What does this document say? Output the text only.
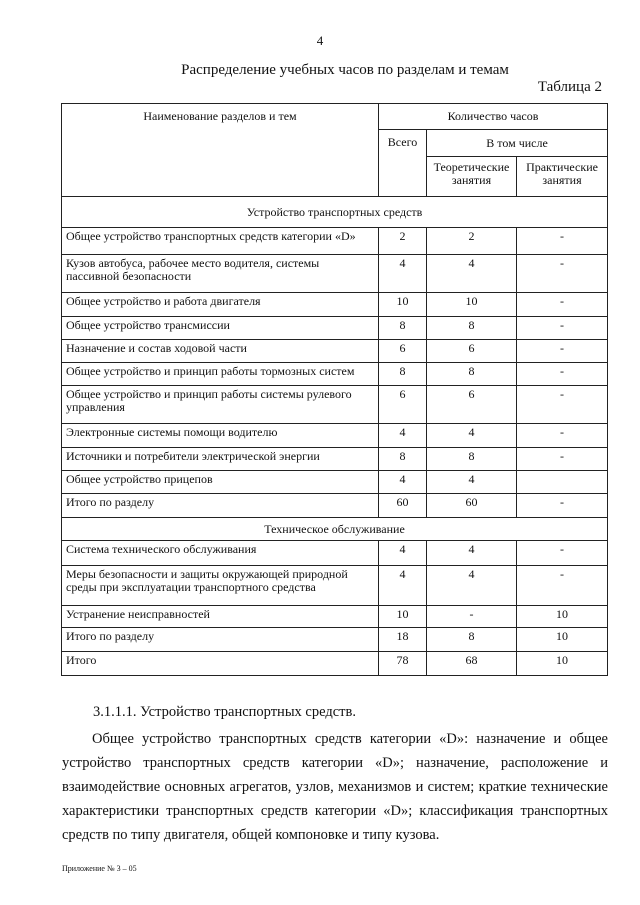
4
Распределение учебных часов по разделам и темам
Таблица 2
Наименование разделов и тем	Количество часов		
	Всего	В том числе	
		Теоретические занятия	Практические занятия
Устройство транспортных средств			
Общее устройство транспортных средств категории «D»	2	2	-
Кузов автобуса, рабочее место водителя, системы пассивной безопасности	4	4	-
Общее устройство и работа двигателя	10	10	-
Общее устройство трансмиссии	8	8	-
Назначение и состав ходовой части	6	6	-
Общее устройство и принцип работы тормозных систем	8	8	-
Общее устройство и принцип работы системы рулевого управления	6	6	-
Электронные системы помощи водителю	4	4	-
Источники и потребители электрической энергии	8	8	-
Общее устройство прицепов	4	4	
Итого по разделу	60	60	-
Техническое обслуживание			
Система технического обслуживания	4	4	-
Меры безопасности и защиты окружающей природной среды при эксплуатации транспортного средства	4	4	-
Устранение неисправностей	10	-	10
Итого по разделу	18	8	10
Итого	78	68	10
3.1.1.1. Устройство транспортных средств.
Общее устройство транспортных средств категории «D»: назначение и общее устройство транспортных средств категории «D»; назначение, расположение и взаимодействие основных агрегатов, узлов, механизмов и систем; краткие технические характеристики транспортных средств категории «D»; классификация транспортных средств по типу двигателя, общей компоновке и типу кузова.
Приложение № 3 – 05
